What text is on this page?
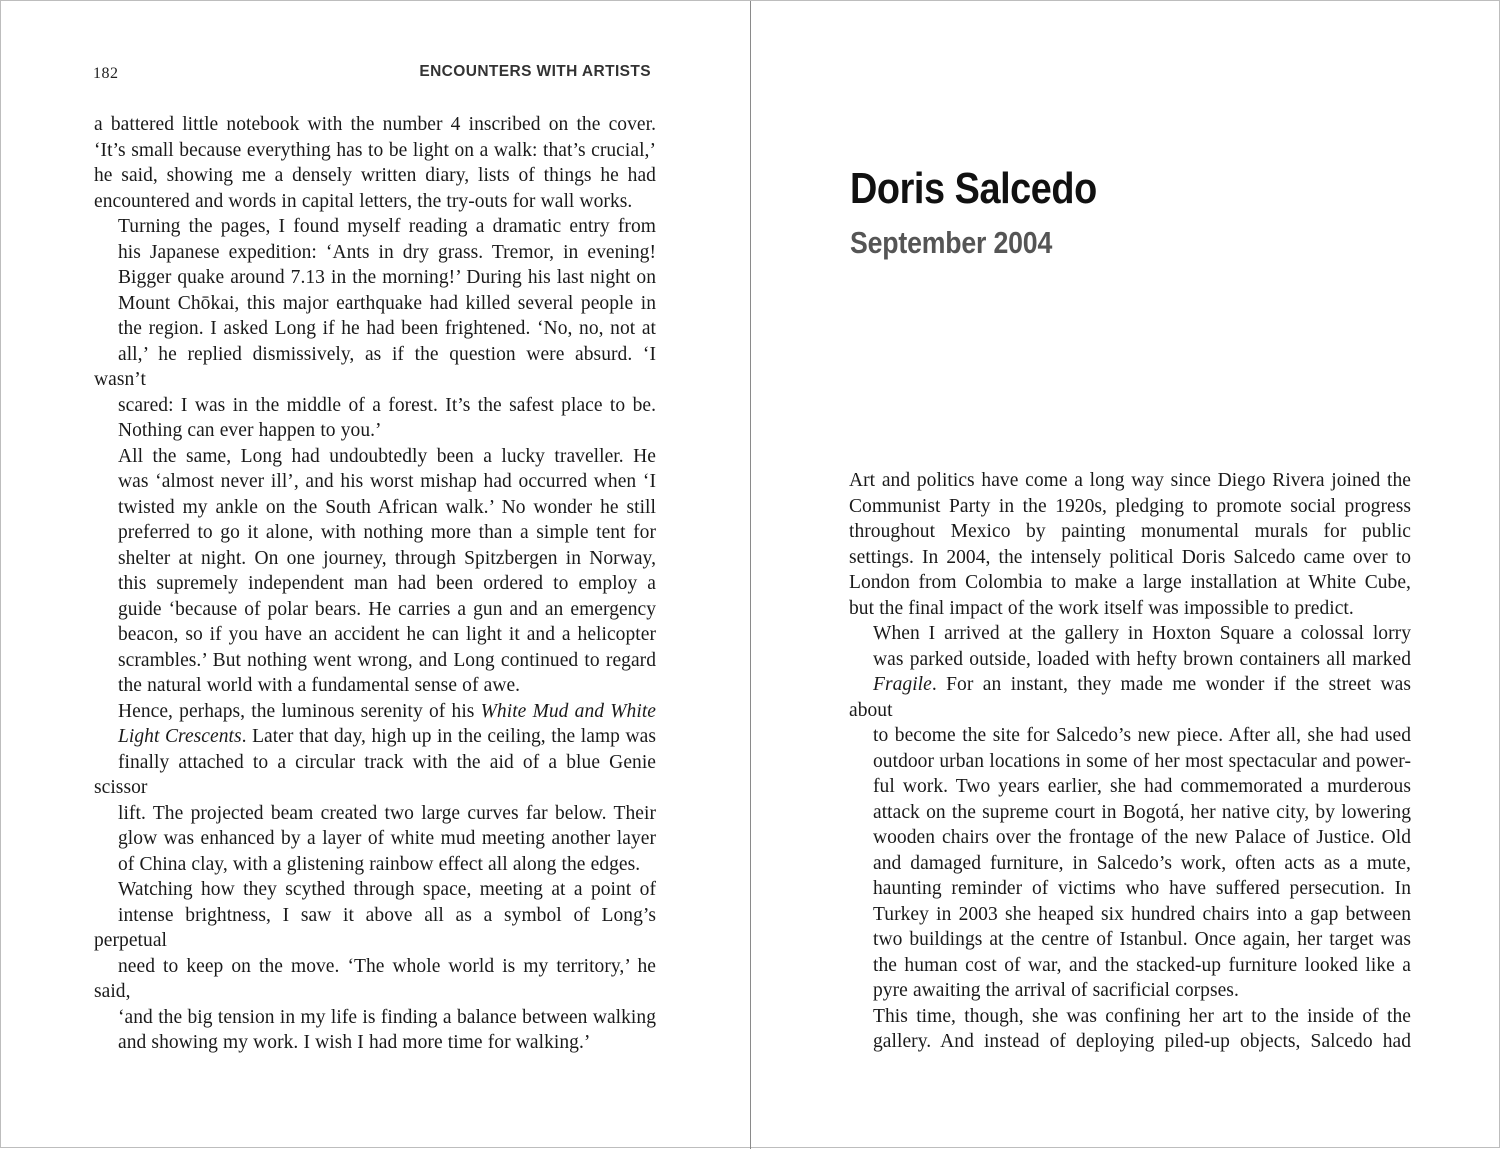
182	ENCOUNTERS WITH ARTISTS

a battered little notebook with the number 4 inscribed on the cover.
‘It’s small because everything has to be light on a walk: that’s crucial,’
he said, showing me a densely written diary, lists of things he had
encountered and words in capital letters, the try-outs for wall works.

Turning the pages, I found myself reading a dramatic entry from
his Japanese expedition: ‘Ants in dry grass. Tremor, in evening!
Bigger quake around 7.13 in the morning!’ During his last night on
Mount Chōkai, this major earthquake had killed several people in
the region. I asked Long if he had been frightened. ‘No, no, not at
all,’ he replied dismissively, as if the question were absurd. ‘I wasn’t
scared: I was in the middle of a forest. It’s the safest place to be.
Nothing can ever happen to you.’

All the same, Long had undoubtedly been a lucky traveller. He
was ‘almost never ill’, and his worst mishap had occurred when ‘I
twisted my ankle on the South African walk.’ No wonder he still
preferred to go it alone, with nothing more than a simple tent for
shelter at night. On one journey, through Spitzbergen in Norway,
this supremely independent man had been ordered to employ a
guide ‘because of polar bears. He carries a gun and an emergency
beacon, so if you have an accident he can light it and a helicopter
scrambles.’ But nothing went wrong, and Long continued to regard
the natural world with a fundamental sense of awe.

Hence, perhaps, the luminous serenity of his White Mud and White
Light Crescents. Later that day, high up in the ceiling, the lamp was
finally attached to a circular track with the aid of a blue Genie scissor
lift. The projected beam created two large curves far below. Their
glow was enhanced by a layer of white mud meeting another layer
of China clay, with a glistening rainbow effect all along the edges.

Watching how they scythed through space, meeting at a point of
intense brightness, I saw it above all as a symbol of Long’s perpetual
need to keep on the move. ‘The whole world is my territory,’ he said,
‘and the big tension in my life is finding a balance between walking
and showing my work. I wish I had more time for walking.’

Doris Salcedo
September 2004

Art and politics have come a long way since Diego Rivera joined the
Communist Party in the 1920s, pledging to promote social progress
throughout Mexico by painting monumental murals for public
settings. In 2004, the intensely political Doris Salcedo came over to
London from Colombia to make a large installation at White Cube,
but the final impact of the work itself was impossible to predict.

When I arrived at the gallery in Hoxton Square a colossal lorry
was parked outside, loaded with hefty brown containers all marked
Fragile. For an instant, they made me wonder if the street was about
to become the site for Salcedo’s new piece. After all, she had used
outdoor urban locations in some of her most spectacular and power-
ful work. Two years earlier, she had commemorated a murderous
attack on the supreme court in Bogotá, her native city, by lowering
wooden chairs over the frontage of the new Palace of Justice. Old
and damaged furniture, in Salcedo’s work, often acts as a mute,
haunting reminder of victims who have suffered persecution. In
Turkey in 2003 she heaped six hundred chairs into a gap between
two buildings at the centre of Istanbul. Once again, her target was
the human cost of war, and the stacked-up furniture looked like a
pyre awaiting the arrival of sacrificial corpses.

This time, though, she was confining her art to the inside of the
gallery. And instead of deploying piled-up objects, Salcedo had
